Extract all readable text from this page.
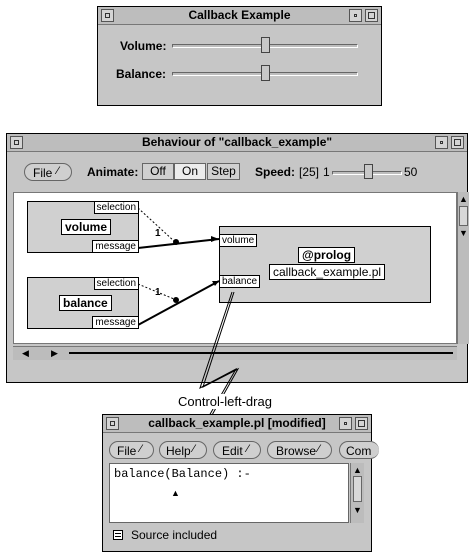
Callback Example
Volume:
Balance:
Behaviour of "callback_example"
File ⁄ Animate: Off	On	Step	Speed: [25] 1	50
1
1
selection
volume
message
selection
balance
message
volume
@prolog
callback_example.pl
balance
▲
▼
◀ ▶
Control-left-drag
callback_example.pl [modified]
File ⁄ Help ⁄ Edit ⁄ Browse ⁄ Com
balance(Balance) :-
▲
▲
▼
Source included
